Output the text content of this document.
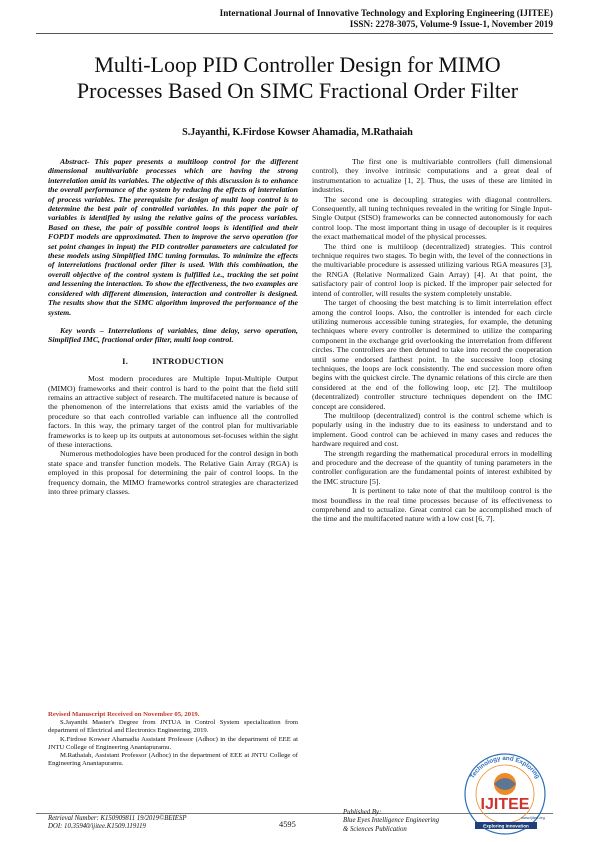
International Journal of Innovative Technology and Exploring Engineering (IJITEE)
ISSN: 2278-3075, Volume-9 Issue-1, November 2019
Multi-Loop PID Controller Design for MIMO
Processes Based On SIMC Fractional Order Filter
S.Jayanthi, K.Firdose Kowser Ahamadia, M.Rathaiah

Abstract- This paper presents a multiloop control for the different dimensional multivariable processes which are having the strong interrelation amid its variables. The objective of this discussion is to enhance the overall performance of the system by reducing the effects of interrelation of process variables. The prerequisite for design of multi loop control is to determine the best pair of controlled variables. In this paper the pair of variables is identified by using the relative gains of the process variables. Based on these, the pair of possible control loops is identified and their FOPDT models are approximated. Then to improve the servo operation (for set point changes in input) the PID controller parameters are calculated for these models using Simplified IMC tuning formulas. To minimize the effects of interrelations fractional order filter is used. With this combination, the overall objective of the control system is fulfilled i.e., tracking the set point and lessening the interaction. To show the effectiveness, the two examples are considered with different dimension, interaction and controller is designed. The results show that the SIMC algorithm improved the performance of the system.

Key words – Interrelations of variables, time delay, servo operation, Simplified IMC, fractional order filter, multi loop control.

I.	INTRODUCTION

Most modern procedures are Multiple Input-Multiple Output (MIMO) frameworks and their control is hard to the point that the field still remains an attractive subject of research. The multifaceted nature is because of the phenomenon of the interrelations that exists amid the variables of the procedure so that each controlled variable can influence all the controlled factors. In this way, the primary target of the control plan for multivariable frameworks is to keep up its outputs at autonomous set-focuses within the sight of these interactions.

Numerous methodologies have been produced for the control design in both state space and transfer function models. The Relative Gain Array (RGA) is employed in this proposal for determining the pair of control loops. In the frequency domain, the MIMO frameworks control strategies are characterized into three primary classes.

Revised Manuscript Received on November 05, 2019.

S.Jayanthi Master's Degree from JNTUA in Control System specialization from department of Electrical and Electronics Engineering, 2019.

K.Firdose Kowser Ahamadia Assistant Professor (Adhoc) in the department of EEE at JNTU College of Engineering Anantapuramu.

M.Rathaiah, Assistant Professor (Adhoc) in the department of EEE at JNTU College of Engineering Anantapuramu.

The first one is multivariable controllers (full dimensional control), they involve intrinsic computations and a great deal of instrumentation to actualize [1, 2]. Thus, the uses of these are limited in industries.

The second one is decoupling strategies with diagonal controllers. Consequently, all tuning techniques revealed in the writing for Single Input-Single Output (SISO) frameworks can be connected autonomously for each control loop. The most important thing in usage of decoupler is it requires the exact mathematical model of the physical processes.

The third one is multiloop (decentralized) strategies. This control technique requires two stages. To begin with, the level of the connections in the multivariable procedure is assessed utilizing various RGA measures [3], the RNGA (Relative Normalized Gain Array) [4]. At that point, the satisfactory pair of control loop is picked. If the improper pair selected for intend of controller, will results the system completely unstable.

The target of choosing the best matching is to limit interrelation effect among the control loops. Also, the controller is intended for each circle utilizing numerous accessible tuning strategies, for example, the detuning techniques where every controller is determined to utilize the comparing component in the exchange grid overlooking the interrelation from different circles. The controllers are then detuned to take into record the cooperation until some endorsed farthest point. In the successive loop closing techniques, the loops are lock consistently. The end succession more often begins with the quickest circle. The dynamic relations of this circle are then considered at the end of the following loop, etc [2]. The multiloop (decentralized) controller structure techniques dependent on the IMC concept are considered.

The multiloop (decentralized) control is the control scheme which is popularly using in the industry due to its easiness to understand and to implement. Good control can be achieved in many cases and reduces the hardware required and cost.

The strength regarding the mathematical procedural errors in modelling and procedure and the decrease of the quantity of tuning parameters in the controller configuration are the fundamental points of interest exhibited by the IMC structure [5].

It is pertinent to take note of that the multiloop control is the most boundless in the real time processes because of its effectiveness to comprehend and to actualize. Great control can be accomplished much of the time and the multifaceted nature with a low cost [6, 7].

Retrieval Number: K150909811 19/2019©BEIESP
DOI: 10.35940/ijitee.K1509.119119	4595
Published By:
Blue Eyes Intelligence Engineering
& Sciences Publication
Technology and Exploring
IJITEE
Exploring Innovation
www.ijitee.org
